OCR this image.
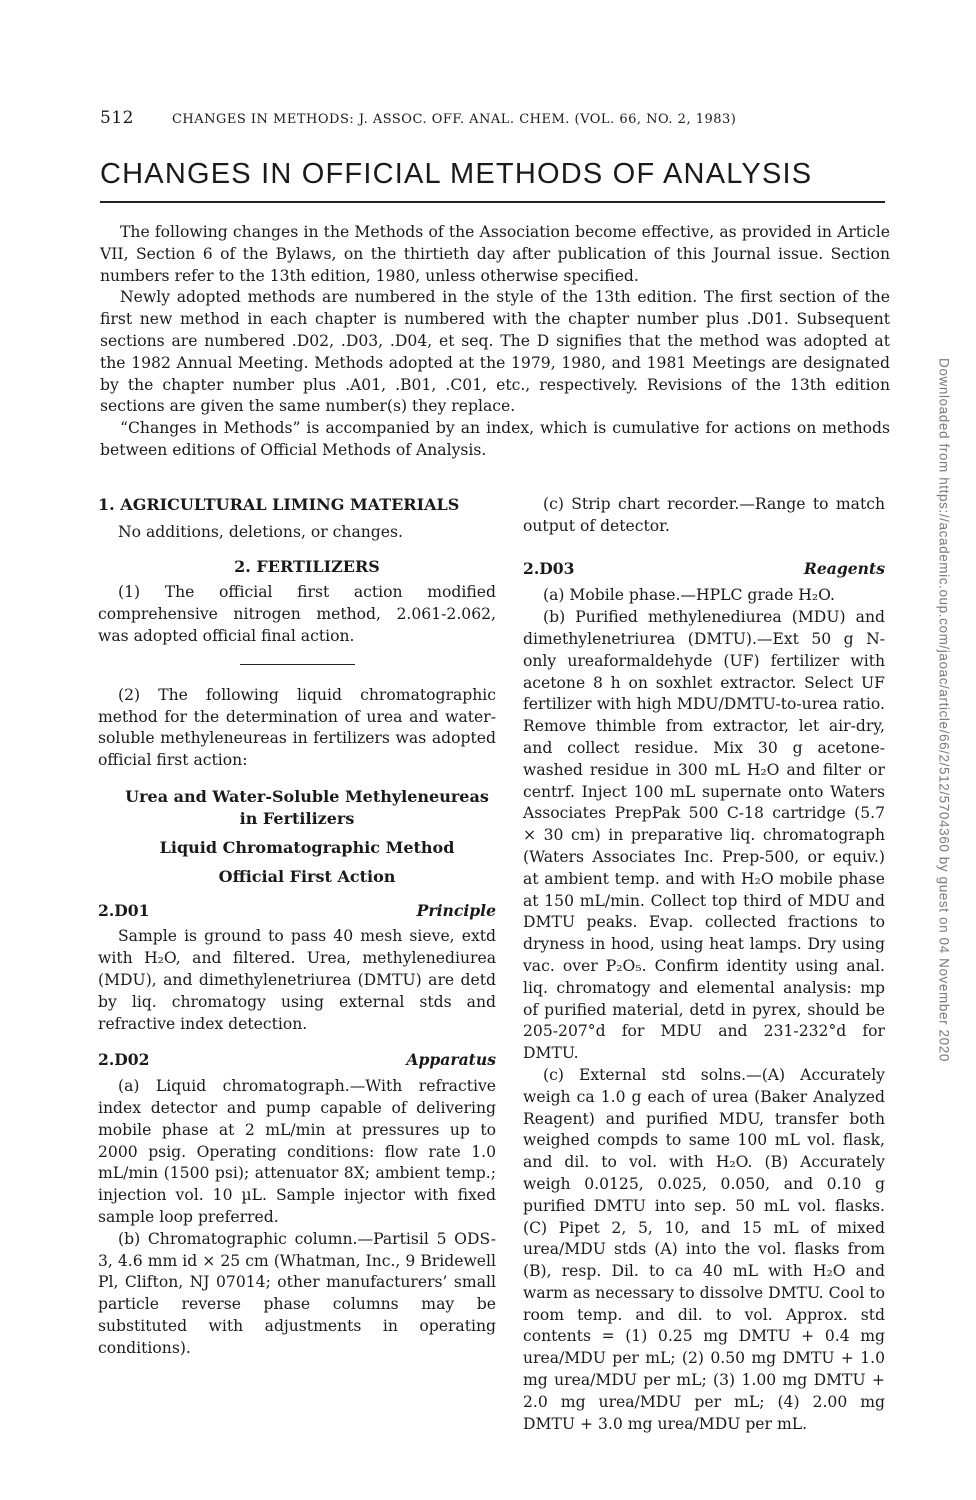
512	CHANGES IN METHODS: J. ASSOC. OFF. ANAL. CHEM. (VOL. 66, NO. 2, 1983)
CHANGES IN OFFICIAL METHODS OF ANALYSIS

The following changes in the Methods of the Association become effective, as provided in Article VII, Section 6 of the Bylaws, on the thirtieth day after publication of this Journal issue. Section numbers refer to the 13th edition, 1980, unless otherwise specified.

Newly adopted methods are numbered in the style of the 13th edition. The first section of the first new method in each chapter is numbered with the chapter number plus .D01. Subsequent sections are numbered .D02, .D03, .D04, et seq. The D signifies that the method was adopted at the 1982 Annual Meeting. Methods adopted at the 1979, 1980, and 1981 Meetings are designated by the chapter number plus .A01, .B01, .C01, etc., respectively. Revisions of the 13th edition sections are given the same number(s) they replace.

“Changes in Methods” is accompanied by an index, which is cumulative for actions on methods between editions of Official Methods of Analysis.

1. AGRICULTURAL LIMING MATERIALS

No additions, deletions, or changes.

2. FERTILIZERS

(1) The official first action modified comprehensive nitrogen method, 2.061-2.062, was adopted official final action.

(2) The following liquid chromatographic method for the determination of urea and water-soluble methyleneureas in fertilizers was adopted official first action:

Urea and Water-Soluble Methyleneureas in Fertilizers

Liquid Chromatographic Method

Official First Action

2.D01	Principle

Sample is ground to pass 40 mesh sieve, extd with H₂O, and filtered. Urea, methylenediurea (MDU), and dimethylenetriurea (DMTU) are detd by liq. chromatogy using external stds and refractive index detection.

2.D02	Apparatus

(a) Liquid chromatograph.—With refractive index detector and pump capable of delivering mobile phase at 2 mL/min at pressures up to 2000 psig. Operating conditions: flow rate 1.0 mL/min (1500 psi); attenuator 8X; ambient temp.; injection vol. 10 µL. Sample injector with fixed sample loop preferred.

(b) Chromatographic column.—Partisil 5 ODS-3, 4.6 mm id × 25 cm (Whatman, Inc., 9 Bridewell Pl, Clifton, NJ 07014; other manufacturers’ small particle reverse phase columns may be substituted with adjustments in operating conditions).

(c) Strip chart recorder.—Range to match output of detector.

2.D03	Reagents

(a) Mobile phase.—HPLC grade H₂O.

(b) Purified methylenediurea (MDU) and dimethylenetriurea (DMTU).—Ext 50 g N-only ureaformaldehyde (UF) fertilizer with acetone 8 h on soxhlet extractor. Select UF fertilizer with high MDU/DMTU-to-urea ratio. Remove thimble from extractor, let air-dry, and collect residue. Mix 30 g acetone-washed residue in 300 mL H₂O and filter or centrf. Inject 100 mL supernate onto Waters Associates PrepPak 500 C-18 cartridge (5.7 × 30 cm) in preparative liq. chromatograph (Waters Associates Inc. Prep-500, or equiv.) at ambient temp. and with H₂O mobile phase at 150 mL/min. Collect top third of MDU and DMTU peaks. Evap. collected fractions to dryness in hood, using heat lamps. Dry using vac. over P₂O₅. Confirm identity using anal. liq. chromatogy and elemental analysis: mp of purified material, detd in pyrex, should be 205-207°d for MDU and 231-232°d for DMTU.

(c) External std solns.—(A) Accurately weigh ca 1.0 g each of urea (Baker Analyzed Reagent) and purified MDU, transfer both weighed compds to same 100 mL vol. flask, and dil. to vol. with H₂O. (B) Accurately weigh 0.0125, 0.025, 0.050, and 0.10 g purified DMTU into sep. 50 mL vol. flasks. (C) Pipet 2, 5, 10, and 15 mL of mixed urea/MDU stds (A) into the vol. flasks from (B), resp. Dil. to ca 40 mL with H₂O and warm as necessary to dissolve DMTU. Cool to room temp. and dil. to vol. Approx. std contents = (1) 0.25 mg DMTU + 0.4 mg urea/MDU per mL; (2) 0.50 mg DMTU + 1.0 mg urea/MDU per mL; (3) 1.00 mg DMTU + 2.0 mg urea/MDU per mL; (4) 2.00 mg DMTU + 3.0 mg urea/MDU per mL.

Downloaded from https://academic.oup.com/jaoac/article/66/2/512/5704360 by guest on 04 November 2020
